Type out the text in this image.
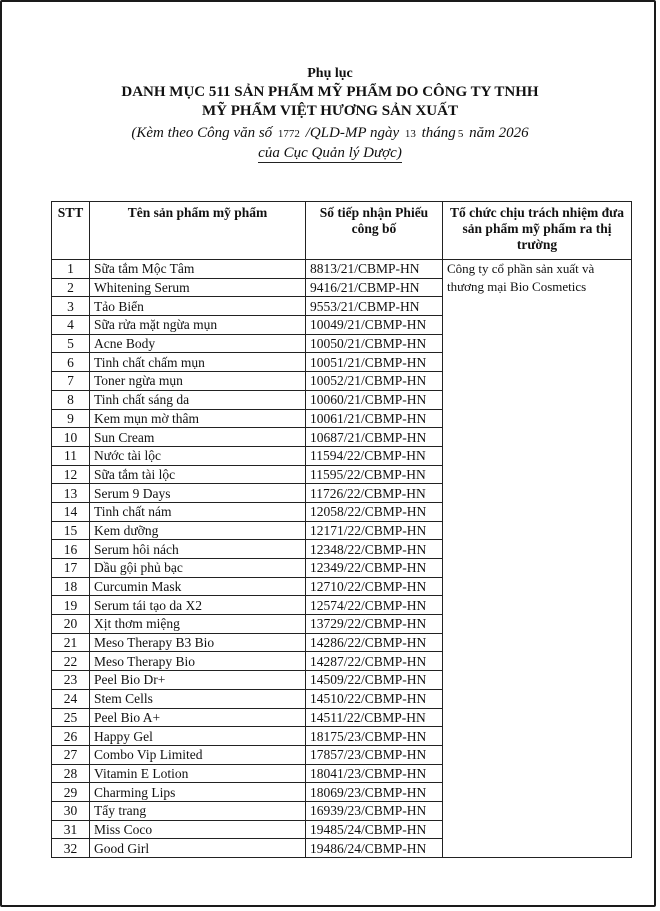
Phụ lục
DANH MỤC 511 SẢN PHẨM MỸ PHẨM DO CÔNG TY TNHH
MỸ PHẨM VIỆT HƯƠNG SẢN XUẤT
(Kèm theo Công văn số 1772 /QLD-MP ngày 13 tháng 5 năm 2026
của Cục Quản lý Dược)
STT	Tên sản phẩm mỹ phẩm	Số tiếp nhận Phiếu công bố	Tổ chức chịu trách nhiệm đưa sản phẩm mỹ phẩm ra thị trường
1	Sữa tắm Mộc Tâm	8813/21/CBMP-HN	Công ty cổ phần sản xuất và thương mại Bio Cosmetics
2	Whitening Serum	9416/21/CBMP-HN	
3	Tảo Biển	9553/21/CBMP-HN	
4	Sữa rửa mặt ngừa mụn	10049/21/CBMP-HN	
5	Acne Body	10050/21/CBMP-HN	
6	Tinh chất chấm mụn	10051/21/CBMP-HN	
7	Toner ngừa mụn	10052/21/CBMP-HN	
8	Tinh chất sáng da	10060/21/CBMP-HN	
9	Kem mụn mờ thâm	10061/21/CBMP-HN	
10	Sun Cream	10687/21/CBMP-HN	
11	Nước tài lộc	11594/22/CBMP-HN	
12	Sữa tắm tài lộc	11595/22/CBMP-HN	
13	Serum 9 Days	11726/22/CBMP-HN	
14	Tinh chất nám	12058/22/CBMP-HN	
15	Kem dưỡng	12171/22/CBMP-HN	
16	Serum hôi nách	12348/22/CBMP-HN	
17	Dầu gội phủ bạc	12349/22/CBMP-HN	
18	Curcumin Mask	12710/22/CBMP-HN	
19	Serum tái tạo da X2	12574/22/CBMP-HN	
20	Xịt thơm miệng	13729/22/CBMP-HN	
21	Meso Therapy B3 Bio	14286/22/CBMP-HN	
22	Meso Therapy Bio	14287/22/CBMP-HN	
23	Peel Bio Dr+	14509/22/CBMP-HN	
24	Stem Cells	14510/22/CBMP-HN	
25	Peel Bio A+	14511/22/CBMP-HN	
26	Happy Gel	18175/23/CBMP-HN	
27	Combo Vip Limited	17857/23/CBMP-HN	
28	Vitamin E Lotion	18041/23/CBMP-HN	
29	Charming Lips	18069/23/CBMP-HN	
30	Tẩy trang	16939/23/CBMP-HN	
31	Miss Coco	19485/24/CBMP-HN	
32	Good Girl	19486/24/CBMP-HN	
